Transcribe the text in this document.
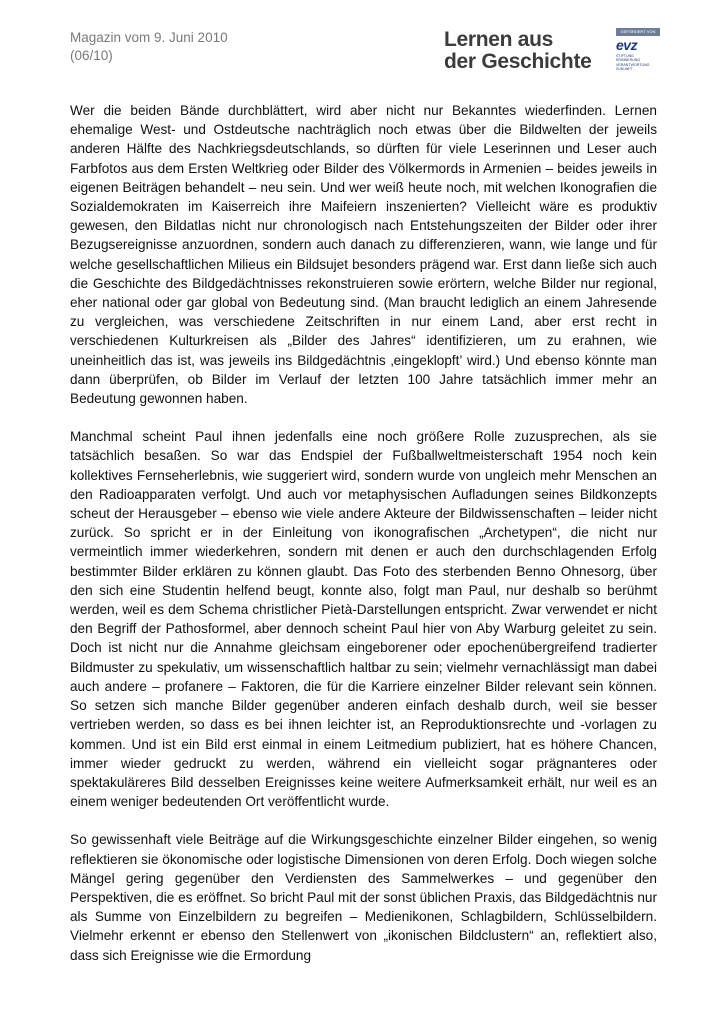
Magazin vom 9. Juni 2010
(06/10)
Lernen aus
der Geschichte
GEFÖRDERT VON
evz
STIFTUNG
ERINNERUNG
VERANTWORTUNG
ZUKUNFT

Wer die beiden Bände durchblättert, wird aber nicht nur Bekanntes wiederfinden. Lernen ehemalige West- und Ostdeutsche nachträglich noch etwas über die Bildwelten der jeweils anderen Hälfte des Nachkriegsdeutschlands, so dürften für viele Leserinnen und Leser auch Farbfotos aus dem Ersten Weltkrieg oder Bilder des Völkermords in Armenien – beides jeweils in eigenen Beiträgen behandelt – neu sein. Und wer weiß heute noch, mit welchen Ikonografien die Sozialdemokraten im Kaiserreich ihre Maifeiern inszenierten? Vielleicht wäre es produktiv gewesen, den Bildatlas nicht nur chronologisch nach Entstehungszeiten der Bilder oder ihrer Bezugsereignisse anzuordnen, sondern auch danach zu differenzieren, wann, wie lange und für welche gesellschaftlichen Milieus ein Bildsujet besonders prägend war. Erst dann ließe sich auch die Geschichte des Bildgedächtnisses rekonstruieren sowie erörtern, welche Bilder nur regional, eher national oder gar global von Bedeutung sind. (Man braucht lediglich an einem Jahresende zu vergleichen, was verschiedene Zeitschriften in nur einem Land, aber erst recht in verschiedenen Kulturkreisen als „Bilder des Jahres“ identifizieren, um zu erahnen, wie uneinheitlich das ist, was jeweils ins Bildgedächtnis ‚eingeklopft’ wird.) Und ebenso könnte man dann überprüfen, ob Bilder im Verlauf der letzten 100 Jahre tatsächlich immer mehr an Bedeutung gewonnen haben.

Manchmal scheint Paul ihnen jedenfalls eine noch größere Rolle zuzusprechen, als sie tatsächlich besaßen. So war das Endspiel der Fußballweltmeisterschaft 1954 noch kein kollektives Fernseherlebnis, wie suggeriert wird, sondern wurde von ungleich mehr Menschen an den Radioapparaten verfolgt. Und auch vor metaphysischen Aufladungen seines Bildkonzepts scheut der Herausgeber – ebenso wie viele andere Akteure der Bildwissenschaften – leider nicht zurück. So spricht er in der Einleitung von ikonografischen „Archetypen“, die nicht nur vermeintlich immer wiederkehren, sondern mit denen er auch den durchschlagenden Erfolg bestimmter Bilder erklären zu können glaubt. Das Foto des sterbenden Benno Ohnesorg, über den sich eine Studentin helfend beugt, konnte also, folgt man Paul, nur deshalb so berühmt werden, weil es dem Schema christlicher Pietà-Darstellungen entspricht. Zwar verwendet er nicht den Begriff der Pathosformel, aber dennoch scheint Paul hier von Aby Warburg geleitet zu sein. Doch ist nicht nur die Annahme gleichsam eingeborener oder epochenübergreifend tradierter Bildmuster zu spekulativ, um wissenschaftlich haltbar zu sein; vielmehr vernachlässigt man dabei auch andere – profanere – Faktoren, die für die Karriere einzelner Bilder relevant sein können. So setzen sich manche Bilder gegenüber anderen einfach deshalb durch, weil sie besser vertrieben werden, so dass es bei ihnen leichter ist, an Reproduktionsrechte und -vorlagen zu kommen. Und ist ein Bild erst einmal in einem Leitmedium publiziert, hat es höhere Chancen, immer wieder gedruckt zu werden, während ein vielleicht sogar prägnanteres oder spektakuläreres Bild desselben Ereignisses keine weitere Aufmerksamkeit erhält, nur weil es an einem weniger bedeutenden Ort veröffentlicht wurde.

So gewissenhaft viele Beiträge auf die Wirkungsgeschichte einzelner Bilder eingehen, so wenig reflektieren sie ökonomische oder logistische Dimensionen von deren Erfolg. Doch wiegen solche Mängel gering gegenüber den Verdiensten des Sammelwerkes – und gegenüber den Perspektiven, die es eröffnet. So bricht Paul mit der sonst üblichen Praxis, das Bildgedächtnis nur als Summe von Einzelbildern zu begreifen – Medienikonen, Schlagbildern, Schlüsselbildern. Vielmehr erkennt er ebenso den Stellenwert von „ikonischen Bildclustern“ an, reflektiert also, dass sich Ereignisse wie die Ermordung
